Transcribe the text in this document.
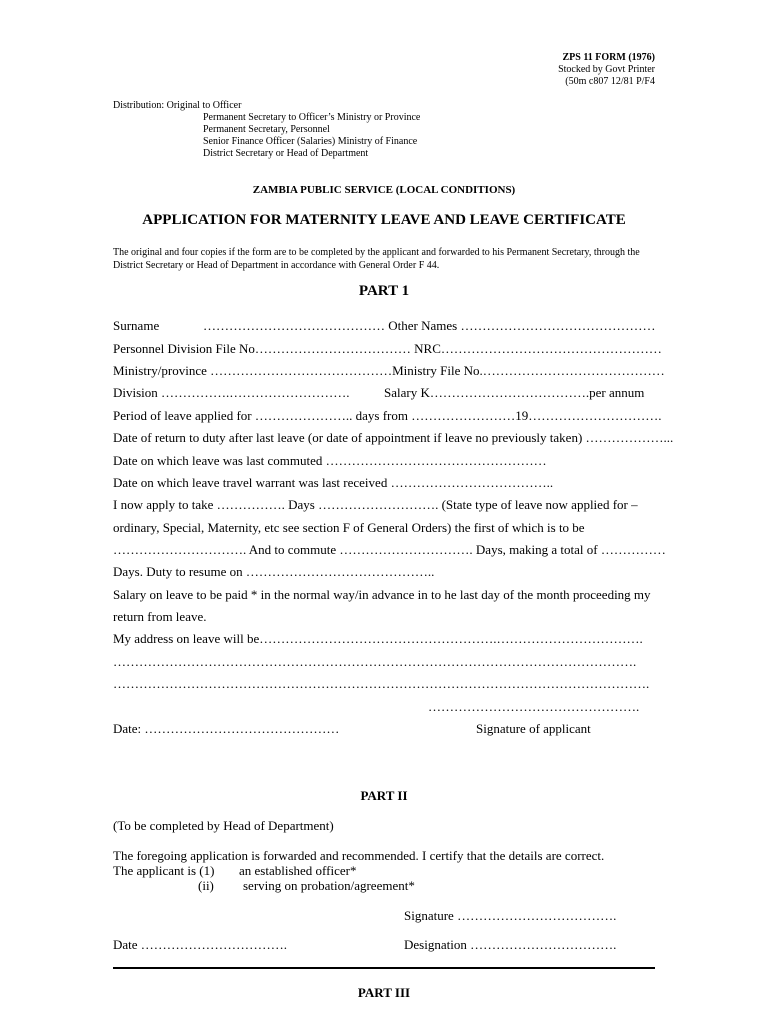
ZPS 11 FORM (1976)
Stocked by Govt Printer
(50m c807 12/81 P/F4
Distribution: Original to Officer
Permanent Secretary to Officer’s Ministry or Province
Permanent Secretary, Personnel
Senior Finance Officer (Salaries) Ministry of Finance
District Secretary or Head of Department
ZAMBIA PUBLIC SERVICE (LOCAL CONDITIONS)
APPLICATION FOR MATERNITY LEAVE AND LEAVE CERTIFICATE
The original and four copies if the form are to be completed by the applicant and forwarded to his Permanent Secretary, through the
District Secretary or Head of Department in accordance with General Order F 44.
PART 1
Surname	…………………………………… Other Names ………………………………………
Personnel Division File No……………………………… NRC……………………………………………
Ministry/province ……………………………………Ministry File No.……………………………………
Division …………….……………………….	Salary K……………………………….per annum
Period of leave applied for ………………….. days from ……………………19………………………….
Date of return to duty after last leave (or date of appointment if leave no previously taken) ………………...
Date on which leave was last commuted ……………………………………………
Date on which leave travel warrant was last received ………………………………..
I now apply to take ……………. Days ………………………. (State type of leave now applied for –
ordinary, Special, Maternity, etc see section F of General Orders) the first of which is to be
…………………………. And to commute …………………………. Days, making a total of ……………
Days. Duty to resume on ……………………………………..
Salary on leave to be paid * in the normal way/in advance in to he last day of the month proceeding my
return from leave.
My address on leave will be……………………………………………….…………………………….
………………………………………………………………………………………………………….
…………………………………………………………………………………………………………….
………………………………………….
Date: ………………………………………	Signature of applicant
PART II
(To be completed by Head of Department)
The foregoing application is forwarded and recommended. I certify that the details are correct.
The applicant is (1) an established officer*
(ii) serving on probation/agreement*
Signature ……………………………….
Date …………………………….	Designation …………………………….
PART III
